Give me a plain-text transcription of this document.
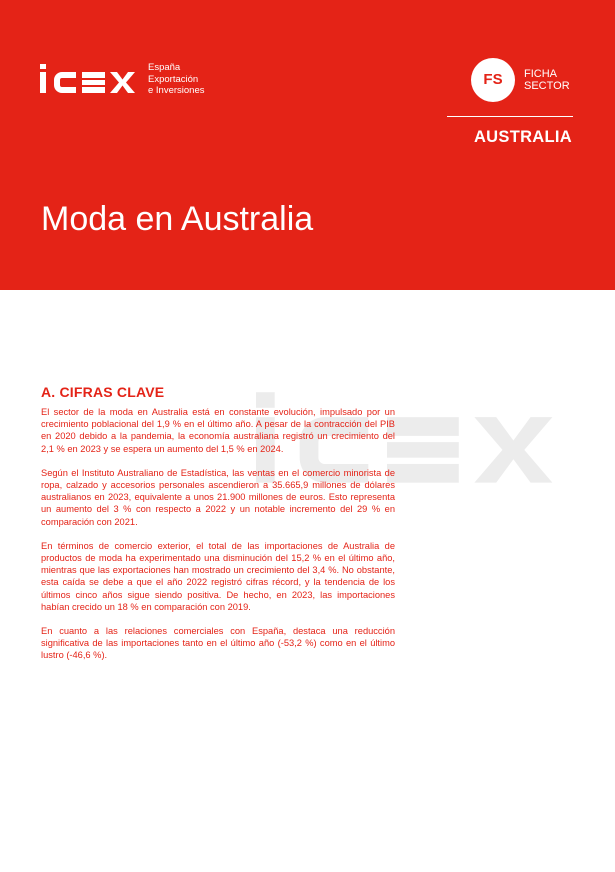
España
Exportación
e Inversiones
FS	FICHA
SECTOR
AUSTRALIA
Moda en Australia
A. CIFRAS CLAVE

El sector de la moda en Australia está en constante evolución, impulsado por un crecimiento poblacional del 1,9 % en el último año. A pesar de la contracción del PIB en 2020 debido a la pandemia, la economía australiana registró un crecimiento del 2,1 % en 2023 y se espera un aumento del 1,5 % en 2024.

Según el Instituto Australiano de Estadística, las ventas en el comercio minorista de ropa, calzado y accesorios personales ascendieron a 35.665,9 millones de dólares australianos en 2023, equivalente a unos 21.900 millones de euros. Esto representa un aumento del 3 % con respecto a 2022 y un notable incremento del 29 % en comparación con 2021.

En términos de comercio exterior, el total de las importaciones de Australia de productos de moda ha experimentado una disminución del 15,2 % en el último año, mientras que las exportaciones han mostrado un crecimiento del 3,4 %. No obstante, esta caída se debe a que el año 2022 registró cifras récord, y la tendencia de los últimos cinco años sigue siendo positiva. De hecho, en 2023, las importaciones habían crecido un 18 % en comparación con 2019.

En cuanto a las relaciones comerciales con España, destaca una reducción significativa de las importaciones tanto en el último año (-53,2 %) como en el último lustro (-46,6 %).
